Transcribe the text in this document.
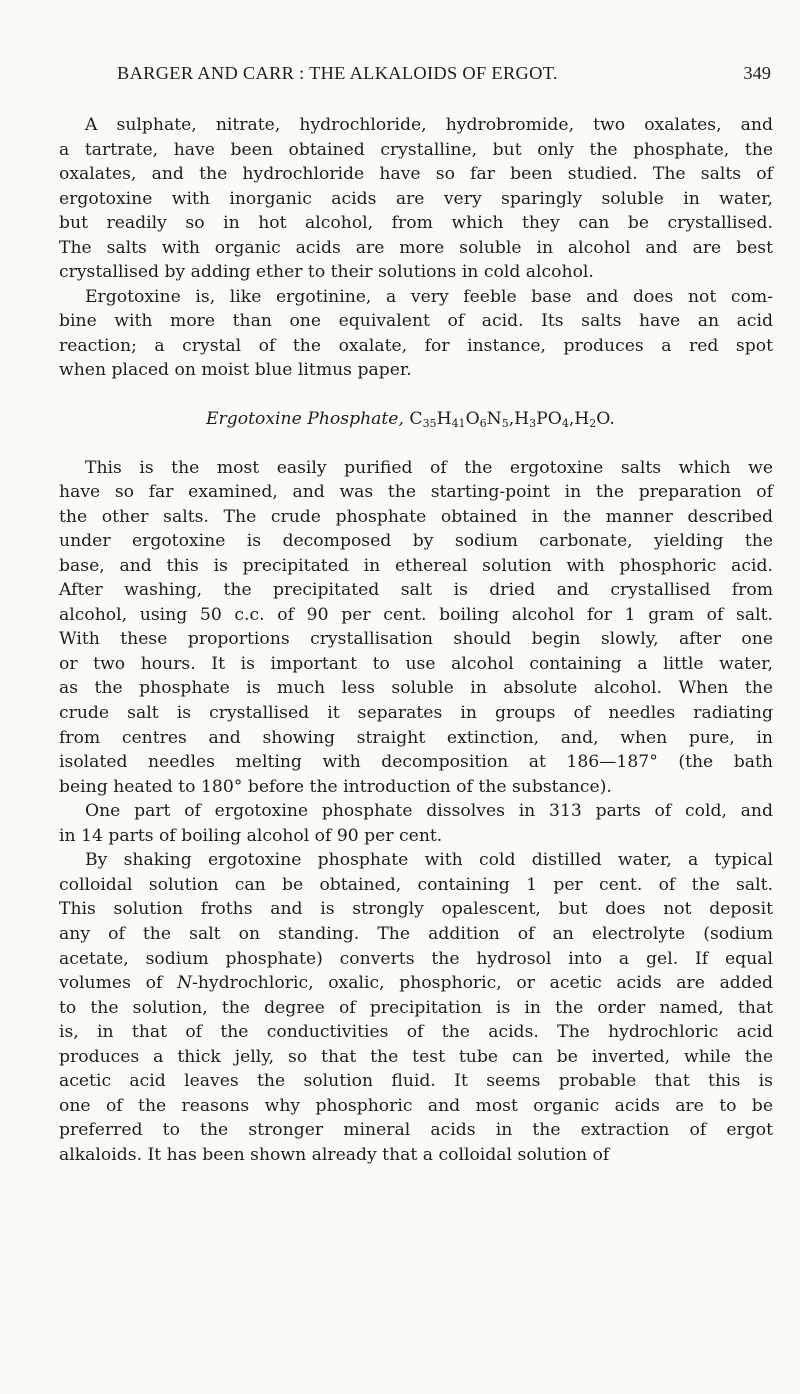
BARGER AND CARR : THE ALKALOIDS OF ERGOT.	349
A sulphate, nitrate, hydrochloride, hydrobromide, two oxalates, and
a tartrate, have been obtained crystalline, but only the phosphate, the
oxalates, and the hydrochloride have so far been studied. The salts of
ergotoxine with inorganic acids are very sparingly soluble in water,
but readily so in hot alcohol, from which they can be crystallised.
The salts with organic acids are more soluble in alcohol and are best
crystallised by adding ether to their solutions in cold alcohol.
Ergotoxine is, like ergotinine, a very feeble base and does not com-
bine with more than one equivalent of acid. Its salts have an acid
reaction; a crystal of the oxalate, for instance, produces a red spot
when placed on moist blue litmus paper.
Ergotoxine Phosphate, $C_{35}H_{41}O_6N_5,H_3PO_4,H_2O$.
This is the most easily purified of the ergotoxine salts which we
have so far examined, and was the starting-point in the preparation of
the other salts. The crude phosphate obtained in the manner described
under ergotoxine is decomposed by sodium carbonate, yielding the
base, and this is precipitated in ethereal solution with phosphoric acid.
After washing, the precipitated salt is dried and crystallised from
alcohol, using 50 c.c. of 90 per cent. boiling alcohol for 1 gram of salt.
With these proportions crystallisation should begin slowly, after one
or two hours. It is important to use alcohol containing a little water,
as the phosphate is much less soluble in absolute alcohol. When the
crude salt is crystallised it separates in groups of needles radiating
from centres and showing straight extinction, and, when pure, in
isolated needles melting with decomposition at 186—187° (the bath
being heated to 180° before the introduction of the substance).
One part of ergotoxine phosphate dissolves in 313 parts of cold, and
in 14 parts of boiling alcohol of 90 per cent.
By shaking ergotoxine phosphate with cold distilled water, a typical
colloidal solution can be obtained, containing 1 per cent. of the salt.
This solution froths and is strongly opalescent, but does not deposit
any of the salt on standing. The addition of an electrolyte (sodium
acetate, sodium phosphate) converts the hydrosol into a gel. If equal
volumes of N-hydrochloric, oxalic, phosphoric, or acetic acids are added
to the solution, the degree of precipitation is in the order named, that
is, in that of the conductivities of the acids. The hydrochloric acid
produces a thick jelly, so that the test tube can be inverted, while the
acetic acid leaves the solution fluid. It seems probable that this is
one of the reasons why phosphoric and most organic acids are to be
preferred to the stronger mineral acids in the extraction of ergot
alkaloids. It has been shown already that a colloidal solution of
